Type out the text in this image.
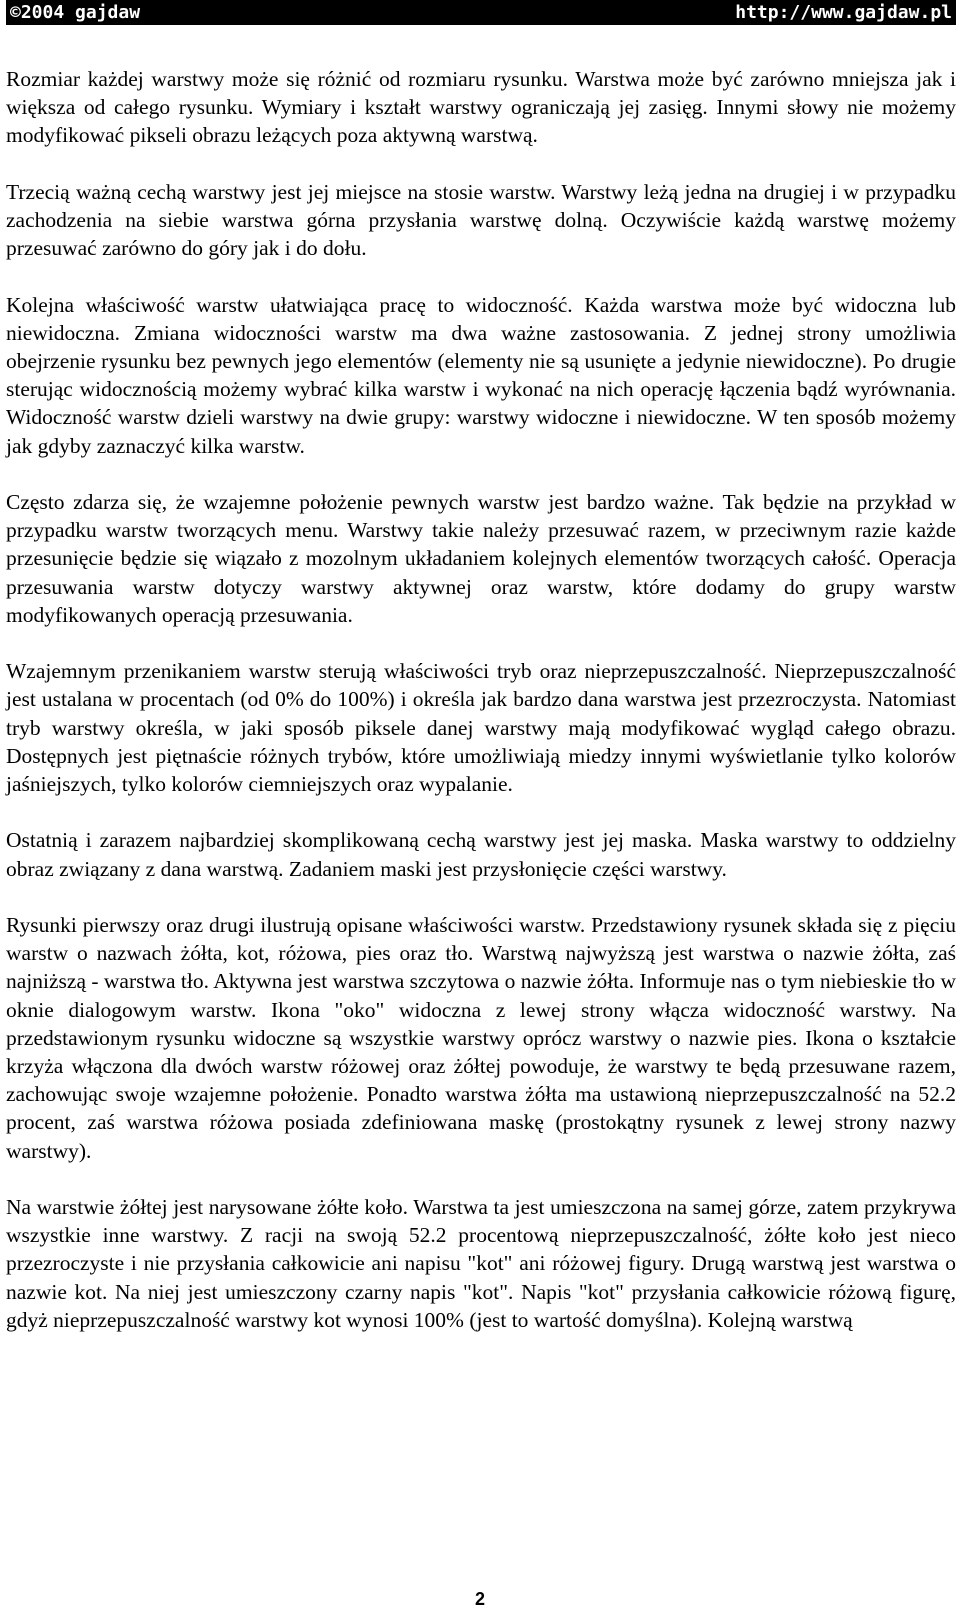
©2004 gajdaw	http://www.gajdaw.pl

Rozmiar każdej warstwy może się różnić od rozmiaru rysunku. Warstwa może być zarówno mniejsza jak i większa od całego rysunku. Wymiary i kształt warstwy ograniczają jej zasięg. Innymi słowy nie możemy modyfikować pikseli obrazu leżących poza aktywną warstwą.

Trzecią ważną cechą warstwy jest jej miejsce na stosie warstw. Warstwy leżą jedna na drugiej i w przypadku zachodzenia na siebie warstwa górna przysłania warstwę dolną. Oczywiście każdą warstwę możemy przesuwać zarówno do góry jak i do dołu.

Kolejna właściwość warstw ułatwiająca pracę to widoczność. Każda warstwa może być widoczna lub niewidoczna. Zmiana widoczności warstw ma dwa ważne zastosowania. Z jednej strony umożliwia obejrzenie rysunku bez pewnych jego elementów (elementy nie są usunięte a jedynie niewidoczne). Po drugie sterując widocznością możemy wybrać kilka warstw i wykonać na nich operację łączenia bądź wyrównania. Widoczność warstw dzieli warstwy na dwie grupy: warstwy widoczne i niewidoczne. W ten sposób możemy jak gdyby zaznaczyć kilka warstw.

Często zdarza się, że wzajemne położenie pewnych warstw jest bardzo ważne. Tak będzie na przykład w przypadku warstw tworzących menu. Warstwy takie należy przesuwać razem, w przeciwnym razie każde przesunięcie będzie się wiązało z mozolnym układaniem kolejnych elementów tworzących całość. Operacja przesuwania warstw dotyczy warstwy aktywnej oraz warstw, które dodamy do grupy warstw modyfikowanych operacją przesuwania.

Wzajemnym przenikaniem warstw sterują właściwości tryb oraz nieprzepuszczalność. Nieprzepuszczalność jest ustalana w procentach (od 0% do 100%) i określa jak bardzo dana warstwa jest przezroczysta. Natomiast tryb warstwy określa, w jaki sposób piksele danej warstwy mają modyfikować wygląd całego obrazu. Dostępnych jest piętnaście różnych trybów, które umożliwiają miedzy innymi wyświetlanie tylko kolorów jaśniejszych, tylko kolorów ciemniejszych oraz wypalanie.

Ostatnią i zarazem najbardziej skomplikowaną cechą warstwy jest jej maska. Maska warstwy to oddzielny obraz związany z dana warstwą. Zadaniem maski jest przysłonięcie części warstwy.

Rysunki pierwszy oraz drugi ilustrują opisane właściwości warstw. Przedstawiony rysunek składa się z pięciu warstw o nazwach żółta, kot, różowa, pies oraz tło. Warstwą najwyższą jest warstwa o nazwie żółta, zaś najniższą - warstwa tło. Aktywna jest warstwa szczytowa o nazwie żółta. Informuje nas o tym niebieskie tło w oknie dialogowym warstw. Ikona "oko" widoczna z lewej strony włącza widoczność warstwy. Na przedstawionym rysunku widoczne są wszystkie warstwy oprócz warstwy o nazwie pies. Ikona o kształcie krzyża włączona dla dwóch warstw różowej oraz żółtej powoduje, że warstwy te będą przesuwane razem, zachowując swoje wzajemne położenie. Ponadto warstwa żółta ma ustawioną nieprzepuszczalność na 52.2 procent, zaś warstwa różowa posiada zdefiniowana maskę (prostokątny rysunek z lewej strony nazwy warstwy).

Na warstwie żółtej jest narysowane żółte koło. Warstwa ta jest umieszczona na samej górze, zatem przykrywa wszystkie inne warstwy. Z racji na swoją 52.2 procentową nieprzepuszczalność, żółte koło jest nieco przezroczyste i nie przysłania całkowicie ani napisu "kot" ani różowej figury. Drugą warstwą jest warstwa o nazwie kot. Na niej jest umieszczony czarny napis "kot". Napis "kot" przysłania całkowicie różową figurę, gdyż nieprzepuszczalność warstwy kot wynosi 100% (jest to wartość domyślna). Kolejną warstwą

2
